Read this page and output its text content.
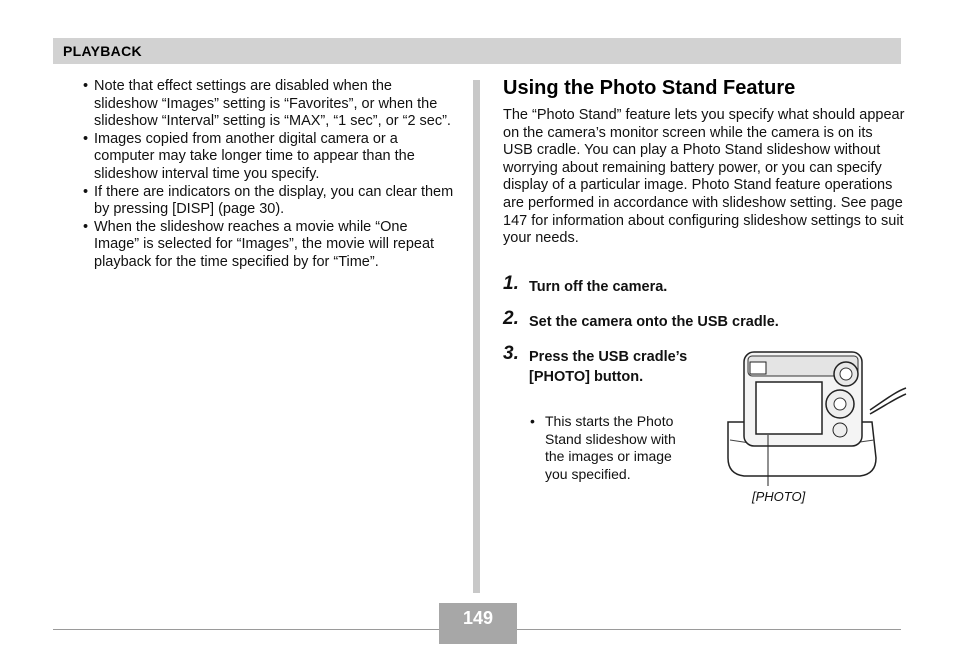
PLAYBACK
• Note that effect settings are disabled when the slideshow “Images” setting is “Favorites”, or when the slideshow “Interval” setting is “MAX”, “1 sec”, or “2 sec”.
• Images copied from another digital camera or a computer may take longer time to appear than the slideshow interval time you specify.
• If there are indicators on the display, you can clear them by pressing [DISP] (page 30).
• When the slideshow reaches a movie while “One Image” is selected for “Images”, the movie will repeat playback for the time specified by for “Time”.
Using the Photo Stand Feature

The “Photo Stand” feature lets you specify what should appear on the camera’s monitor screen while the camera is on its USB cradle. You can play a Photo Stand slideshow without worrying about remaining battery power, or you can specify display of a particular image. Photo Stand feature operations are performed in accordance with slideshow setting. See page 147 for information about configuring slideshow settings to suit your needs.

1. Turn off the camera.
2. Set the camera onto the USB cradle.
3. Press the USB cradle’s [PHOTO] button.
• This starts the Photo Stand slideshow with the images or image you specified.
[PHOTO]
149
